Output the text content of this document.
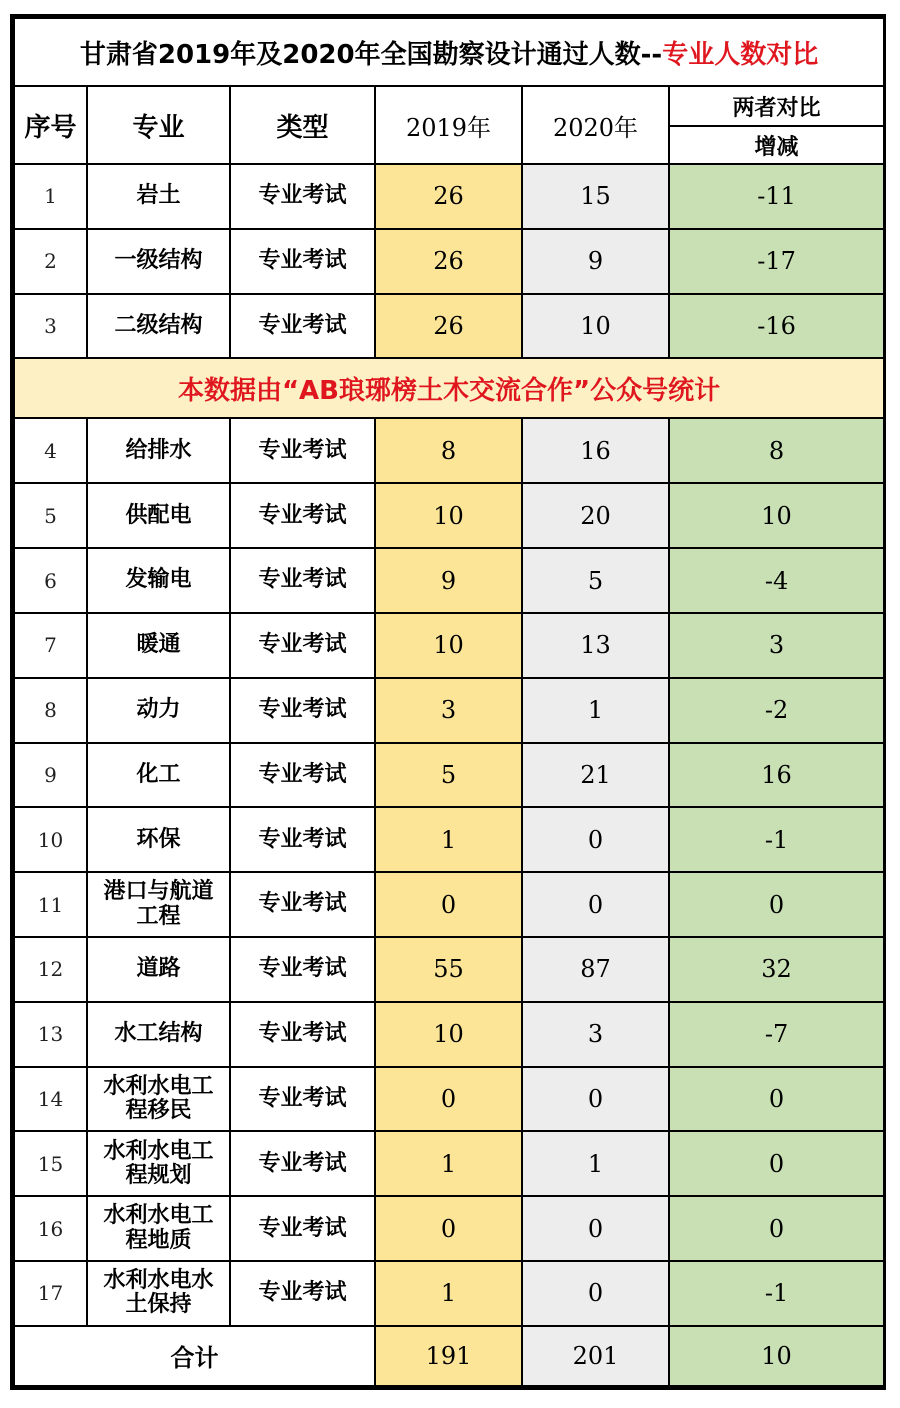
甘肃省2019年及2020年全国勘察设计通过人数--专业人数对比					
序号	专业	类型	2019年	2020年	两者对比
					增减
1	岩土	专业考试	26	15	-11
2	一级结构	专业考试	26	9	-17
3	二级结构	专业考试	26	10	-16
本数据由“AB琅琊榜土木交流合作”公众号统计					
4	给排水	专业考试	8	16	8
5	供配电	专业考试	10	20	10
6	发输电	专业考试	9	5	-4
7	暖通	专业考试	10	13	3
8	动力	专业考试	3	1	-2
9	化工	专业考试	5	21	16
10	环保	专业考试	1	0	-1
11	港口与航道工程	专业考试	0	0	0
12	道路	专业考试	55	87	32
13	水工结构	专业考试	10	3	-7
14	水利水电工程移民	专业考试	0	0	0
15	水利水电工程规划	专业考试	1	1	0
16	水利水电工程地质	专业考试	0	0	0
17	水利水电水土保持	专业考试	1	0	-1
合计			191	201	10
